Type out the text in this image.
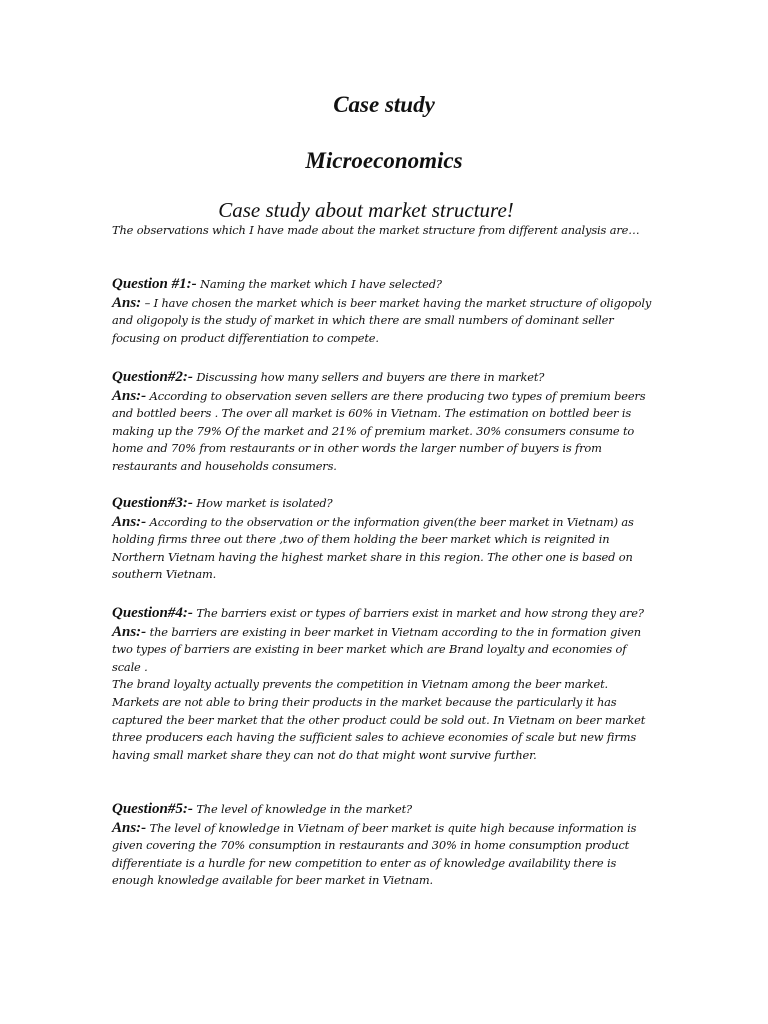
Case study
Microeconomics
Case study about market structure!

The observations which I have made about the market structure from different analysis are…

Question #1:- Naming the market which I have selected?

Ans: – I have chosen the market which is beer market having the market structure of oligopoly and oligopoly is the study of market in which there are small numbers of dominant seller focusing on product differentiation to compete.

Question#2:- Discussing how many sellers and buyers are there in market?

Ans:- According to observation seven sellers are there producing two types of premium beers and bottled beers . The over all market is 60% in Vietnam. The estimation on bottled beer is making up the 79% Of the market and 21% of premium market. 30% consumers consume to home and 70% from restaurants or in other words the larger number of buyers is from restaurants and households consumers.

Question#3:- How market is isolated?

Ans:- According to the observation or the information given(the beer market in Vietnam) as holding firms three out there ,two of them holding the beer market which is reignited in Northern Vietnam having the highest market share in this region. The other one is based on southern Vietnam.

Question#4:- The barriers exist or types of barriers exist in market and how strong they are?

Ans:- the barriers are existing in beer market in Vietnam according to the in formation given two types of barriers are existing in beer market which are Brand loyalty and economies of scale .

The brand loyalty actually prevents the competition in Vietnam among the beer market. Markets are not able to bring their products in the market because the particularly it has captured the beer market that the other product could be sold out. In Vietnam on beer market three producers each having the sufficient sales to achieve economies of scale but new firms having small market share they can not do that might wont survive further.

Question#5:- The level of knowledge in the market?

Ans:- The level of knowledge in Vietnam of beer market is quite high because information is given covering the 70% consumption in restaurants and 30% in home consumption product differentiate is a hurdle for new competition to enter as of knowledge availability there is enough knowledge available for beer market in Vietnam.
